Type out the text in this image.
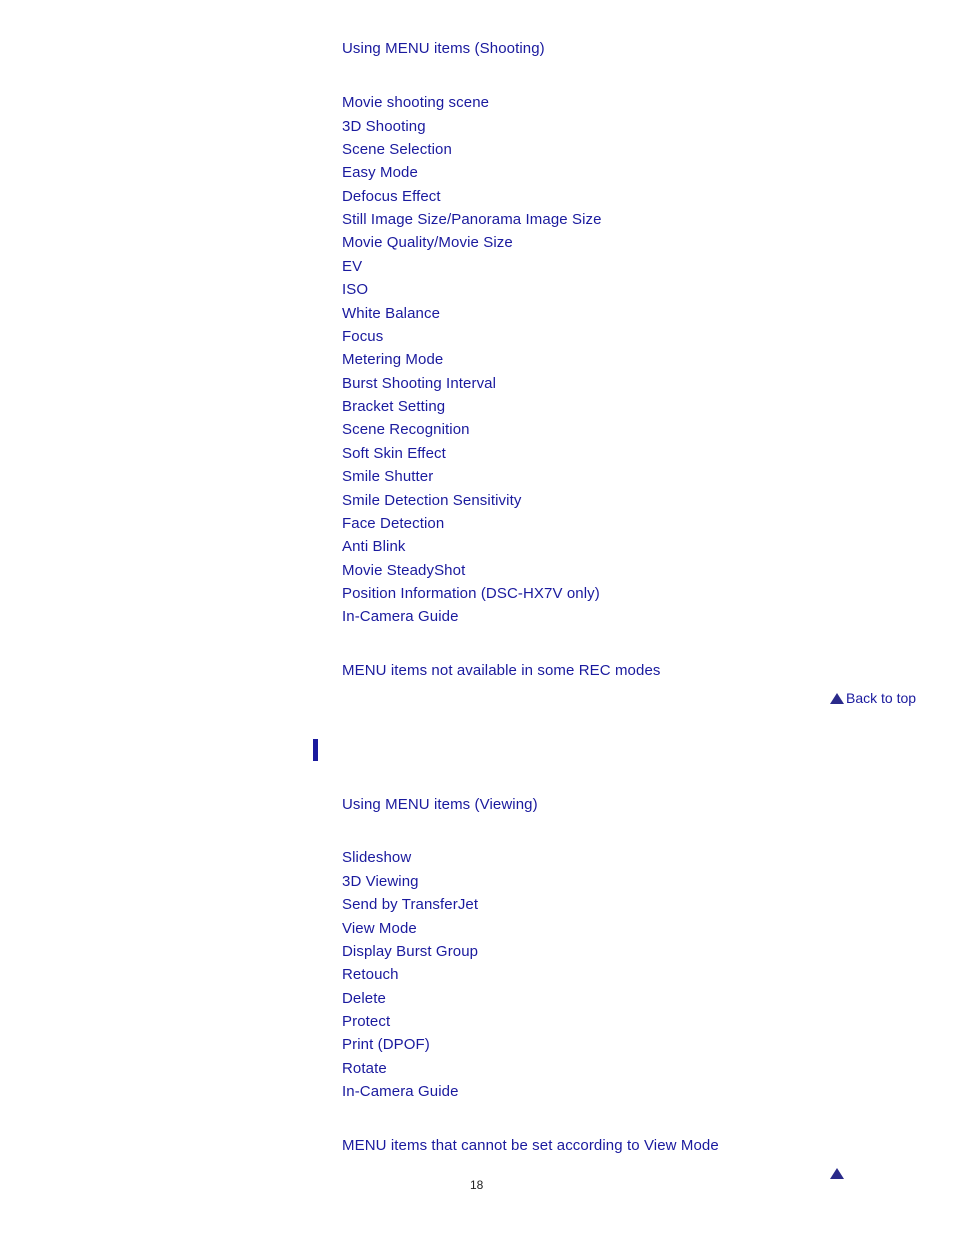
Using MENU items (Shooting)
Movie shooting scene
3D Shooting
Scene Selection
Easy Mode
Defocus Effect
Still Image Size/Panorama Image Size
Movie Quality/Movie Size
EV
ISO
White Balance
Focus
Metering Mode
Burst Shooting Interval
Bracket Setting
Scene Recognition
Soft Skin Effect
Smile Shutter
Smile Detection Sensitivity
Face Detection
Anti Blink
Movie SteadyShot
Position Information (DSC-HX7V only)
In-Camera Guide
MENU items not available in some REC modes
Back to top
Using MENU items (Viewing)
Slideshow
3D Viewing
Send by TransferJet
View Mode
Display Burst Group
Retouch
Delete
Protect
Print (DPOF)
Rotate
In-Camera Guide
MENU items that cannot be set according to View Mode
18
